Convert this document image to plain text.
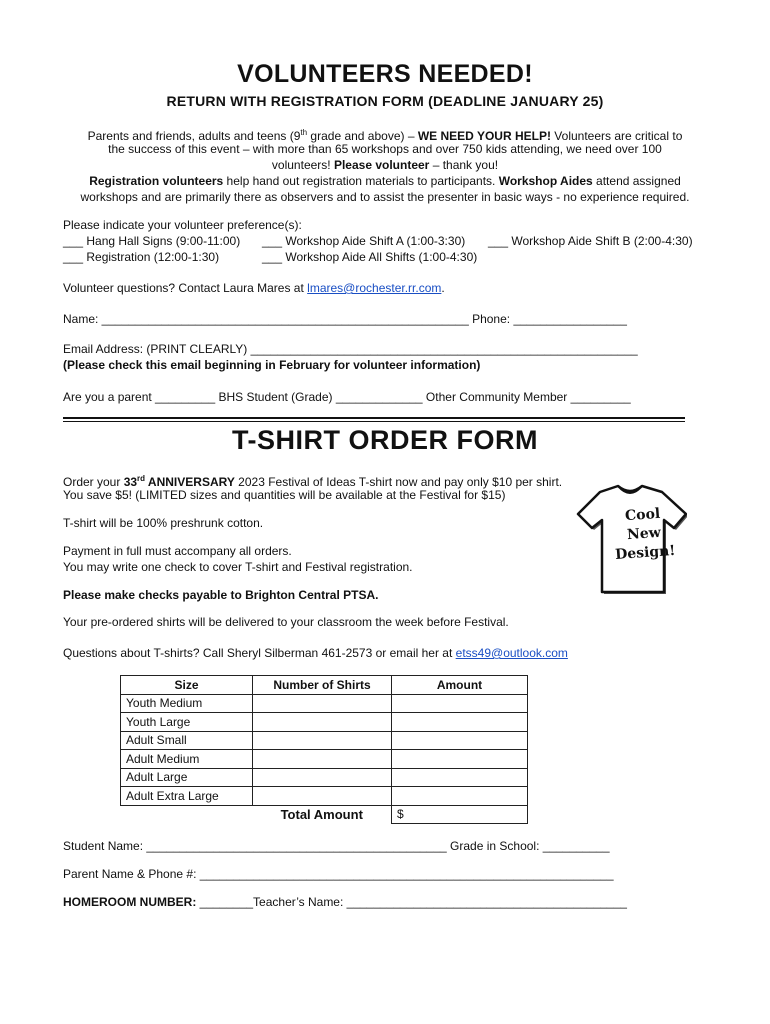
VOLUNTEERS NEEDED!
RETURN WITH REGISTRATION FORM (DEADLINE JANUARY 25)
Parents and friends, adults and teens (9th grade and above) – WE NEED YOUR HELP! Volunteers are critical to
the success of this event – with more than 65 workshops and over 750 kids attending, we need over 100
volunteers! Please volunteer – thank you!
Registration volunteers help hand out registration materials to participants. Workshop Aides attend assigned
workshops and are primarily there as observers and to assist the presenter in basic ways - no experience required.
Please indicate your volunteer preference(s):
___ Hang Hall Signs (9:00-11:00) ___ Workshop Aide Shift A (1:00-3:30) ___ Workshop Aide Shift B (2:00-4:30)
___ Registration (12:00-1:30)	___ Workshop Aide All Shifts (1:00-4:30)
Volunteer questions? Contact Laura Mares at lmares@rochester.rr.com.
Name: _______________________________________________________ Phone: _________________
Email Address: (PRINT CLEARLY) __________________________________________________________
(Please check this email beginning in February for volunteer information)
Are you a parent _________ BHS Student (Grade) _____________ Other Community Member _________
T-SHIRT ORDER FORM
Order your 33rd ANNIVERSARY 2023 Festival of Ideas T-shirt now and pay only $10 per shirt.
You save $5! (LIMITED sizes and quantities will be available at the Festival for $15)
T-shirt will be 100% preshrunk cotton.
Payment in full must accompany all orders.
You may write one check to cover T-shirt and Festival registration.
Please make checks payable to Brighton Central PTSA.
Your pre-ordered shirts will be delivered to your classroom the week before Festival.
Questions about T-shirts? Call Sheryl Silberman 461-2573 or email her at etss49@outlook.com
Cool
New
Design!
Size	Number of Shirts	Amount
Youth Medium		
Youth Large		
Adult Small		
Adult Medium		
Adult Large		
Adult Extra Large		
	Total Amount	$
Student Name: _____________________________________________ Grade in School: __________
Parent Name & Phone #: ______________________________________________________________
HOMEROOM NUMBER: ________Teacher’s Name: __________________________________________
